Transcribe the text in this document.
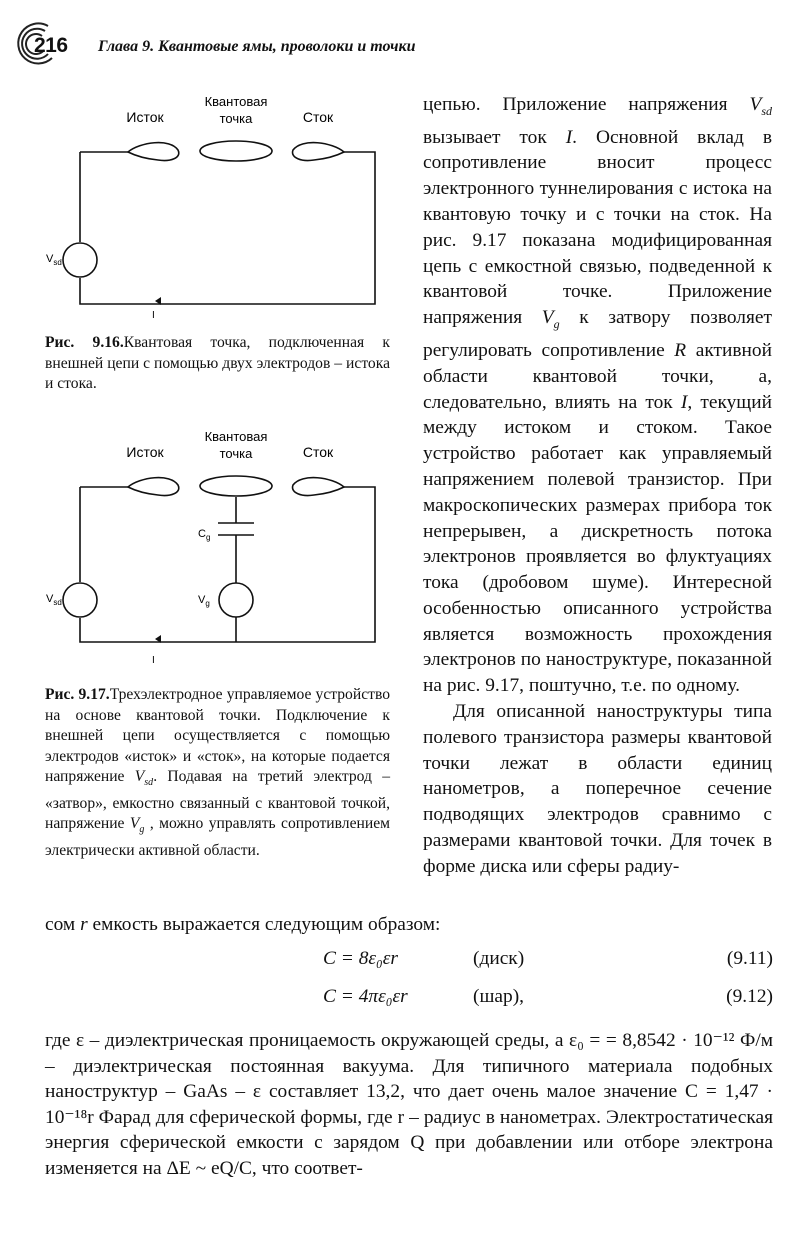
216 Глава 9. Квантовые ямы, проволоки и точки
Квантовая
точка
Исток	Сток
$V_{sd}$
I
Рис. 9.16.Квантовая точка, подключенная к внешней цепи с помощью двух электродов – истока и стока.
Квантовая
точка
Исток	Сток
$C_g$
$V_g$
$V_{sd}$
I
Рис. 9.17.Трехэлектродное управляемое устройство на основе квантовой точки. Подключение к внешней цепи осуществляется с помощью электродов «исток» и «сток», на которые подается напряжение $V_{sd}$. Подавая на третий электрод – «затвор», емкостно связанный с квантовой точкой, напряжение $V_g$ , можно управлять сопротивлением электрически активной области.

цепью. Приложение напряжения $V_{sd}$ вызывает ток I. Основной вклад в сопротивление вносит процесс электронного туннелирования с истока на квантовую точку и с точки на сток. На рис. 9.17 показана модифицированная цепь с емкостной связью, подведенной к квантовой точке. Приложение напряжения $V_g$ к затвору позволяет регулировать сопротивление R активной области квантовой точки, а, следовательно, влиять на ток I, текущий между истоком и стоком. Такое устройство работает как управляемый напряжением полевой транзистор. При макроскопических размерах прибора ток непрерывен, а дискретность потока электронов проявляется во флуктуациях тока (дробовом шуме). Интересной особенностью описанного устройства является возможность прохождения электронов по наноструктуре, показанной на рис. 9.17, поштучно, т.е. по одному.

Для описанной наноструктуры типа полевого транзистора размеры квантовой точки лежат в области единиц нанометров, а поперечное сечение подводящих электродов сравнимо с размерами квантовой точки. Для точек в форме диска или сферы радиу-

сом r емкость выражается следующим образом:
C = 8ε₀εr	(диск)	(9.11)
C = 4πε₀εr	(шар),	(9.12)
где ε – диэлектрическая проницаемость окружающей среды, а ε₀ = = 8,8542 · 10⁻¹² Ф/м – диэлектрическая постоянная вакуума. Для типичного материала подобных наноструктур – GaAs – ε составляет 13,2, что дает очень малое значение C = 1,47 · 10⁻¹⁸r Фарад для сферической формы, где r – радиус в нанометрах. Электростатическая энергия сферической емкости с зарядом Q при добавлении или отборе электрона изменяется на ΔE ~ eQ/C, что соответ-
